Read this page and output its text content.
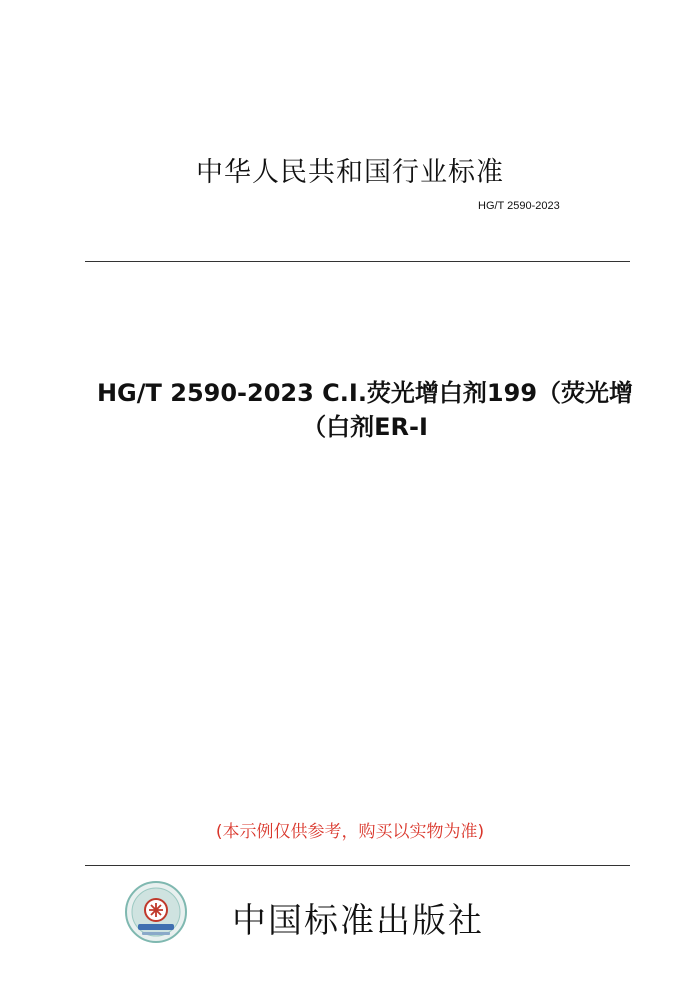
中华人民共和国行业标准
HG/T 2590-2023
HG/T 2590-2023 C.I.荧光增白剂199（荧光增
（白剂ER-I
(本示例仅供参考，购买以实物为准)
中国标准出版社
